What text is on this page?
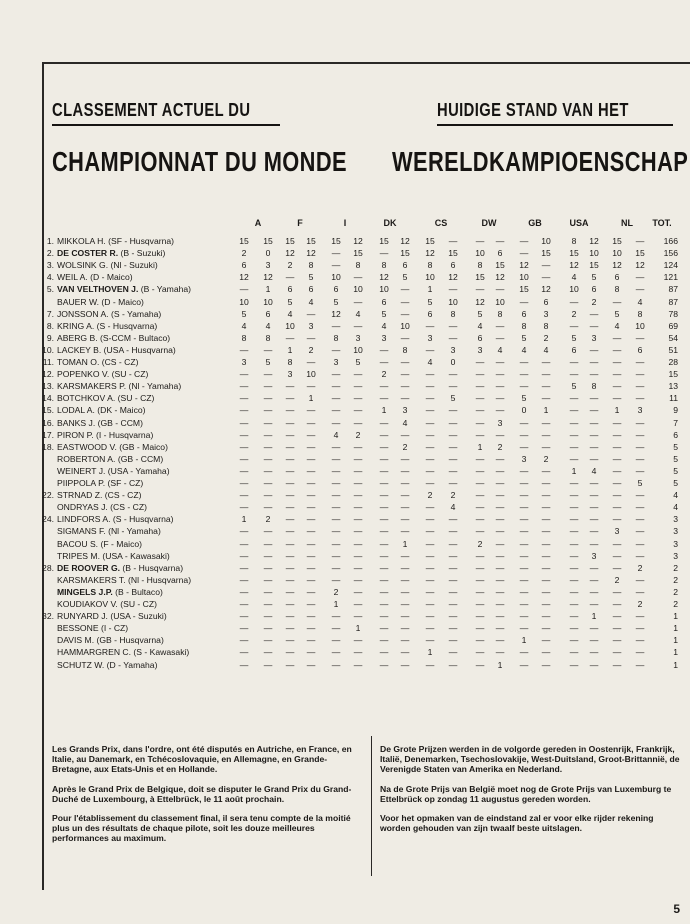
CLASSEMENT ACTUEL DU	HUIDIGE STAND VAN HET
CHAMPIONNAT DU MONDE WERELDKAMPIOENSCHAP
A	F	I	DK	CS	DW	GB	USA	NL	TOT.
1. MIKKOLA H. (SF - Husqvarna)	15	15	15	15	15	12	15	12	15	—	—	—	—	10	8	12	15	—	166
2. DE COSTER R. (B - Suzuki)	2	0	12	12	—	15	—	15	12	15	10	6	—	15	15	10	10	15	156
3. WOLSINK G. (Nl - Suzuki)	6	3	2	8	—	8	8	6	8	6	8	15	12	—	12	15	12	12	124
4. WEIL A. (D - Maico)	12	12	—	5	10	—	12	5	10	12	15	12	10	—	4	5	6	—	121
5. VAN VELTHOVEN J. (B - Yamaha)	—	1	6	6	6	10	10	—	1	—	—	—	15	12	10	6	8	—	87
BAUER W. (D - Maico)	10	10	5	4	5	—	6	—	5	10	12	10	—	6	—	2	—	4	87
7. JONSSON A. (S - Yamaha)	5	6	4	—	12	4	5	—	6	8	5	8	6	3	2	—	5	8	78
8. KRING A. (S - Husqvarna)	4	4	10	3	—	—	4	10	—	—	4	—	8	8	—	—	4	10	69
9. ABERG B. (S-CCM - Bultaco)	8	8	—	—	8	3	3	—	3	—	6	—	5	2	5	3	—	—	54
10. LACKEY B. (USA - Husqvarna)	—	—	1	2	—	10	—	8	—	3	3	4	4	4	6	—	—	6	51
11. TOMAN O. (CS - CZ)	3	5	8	—	3	5	—	—	4	0	—	—	—	—	—	—	—	—	28
12. POPENKO V. (SU - CZ)	—	—	3	10	—	—	2	—	—	—	—	—	—	—	—	—	—	—	15
13. KARSMAKERS P. (Nl - Yamaha)	—	—	—	—	—	—	—	—	—	—	—	—	—	—	5	8	—	—	13
14. BOTCHKOV A. (SU - CZ)	—	—	—	1	—	—	—	—	—	5	—	—	5	—	—	—	—	—	11
15. LODAL A. (DK - Maico)	—	—	—	—	—	—	1	3	—	—	—	—	0	1	—	—	1	3	9
16. BANKS J. (GB - CCM)	—	—	—	—	—	—	—	4	—	—	—	3	—	—	—	—	—	—	7
17. PIRON P. (I - Husqvarna)	—	—	—	—	4	2	—	—	—	—	—	—	—	—	—	—	—	—	6
18. EASTWOOD V. (GB - Maico)	—	—	—	—	—	—	—	2	—	—	1	2	—	—	—	—	—	—	5
ROBERTON A. (GB - CCM)	—	—	—	—	—	—	—	—	—	—	—	—	3	2	—	—	—	—	5
WEINERT J. (USA - Yamaha)	—	—	—	—	—	—	—	—	—	—	—	—	—	—	1	4	—	—	5
PIIPPOLA P. (SF - CZ)	—	—	—	—	—	—	—	—	—	—	—	—	—	—	—	—	—	5	5
22. STRNAD Z. (CS - CZ)	—	—	—	—	—	—	—	—	2	2	—	—	—	—	—	—	—	—	4
ONDRYAS J. (CS - CZ)	—	—	—	—	—	—	—	—	—	4	—	—	—	—	—	—	—	—	4
24. LINDFORS A. (S - Husqvarna)	1	2	—	—	—	—	—	—	—	—	—	—	—	—	—	—	—	—	3
SIGMANS F. (Nl - Yamaha)	—	—	—	—	—	—	—	—	—	—	—	—	—	—	—	—	3	—	3
BACOU S. (F - Maico)	—	—	—	—	—	—	—	1	—	—	2	—	—	—	—	—	—	—	3
TRIPES M. (USA - Kawasaki)	—	—	—	—	—	—	—	—	—	—	—	—	—	—	—	3	—	—	3
28. DE ROOVER G. (B - Husqvarna)	—	—	—	—	—	—	—	—	—	—	—	—	—	—	—	—	—	2	2
KARSMAKERS T. (Nl - Husqvarna)	—	—	—	—	—	—	—	—	—	—	—	—	—	—	—	—	2	—	2
MINGELS J.P. (B - Bultaco)	—	—	—	—	2	—	—	—	—	—	—	—	—	—	—	—	—	—	2
KOUDIAKOV V. (SU - CZ)	—	—	—	—	1	—	—	—	—	—	—	—	—	—	—	—	—	2	2
32. RUNYARD J. (USA - Suzuki)	—	—	—	—	—	—	—	—	—	—	—	—	—	—	—	1	—	—	1
BESSONE (I - CZ)	—	—	—	—	—	1	—	—	—	—	—	—	—	—	—	—	—	—	1
DAVIS M. (GB - Husqvarna)	—	—	—	—	—	—	—	—	—	—	—	—	1	—	—	—	—	—	1
HAMMARGREN C. (S - Kawasaki)	—	—	—	—	—	—	—	—	1	—	—	—	—	—	—	—	—	—	1
SCHUTZ W. (D - Yamaha)	—	—	—	—	—	—	—	—	—	—	—	1	—	—	—	—	—	—	1

Les Grands Prix, dans l'ordre, ont été disputés en Autriche, en France, en Italie, au Danemark, en Tchécoslovaquie, en Allemagne, en Grande-Bretagne, aux Etats-Unis et en Hollande.

Après le Grand Prix de Belgique, doit se disputer le Grand Prix du Grand-Duché de Luxembourg, à Ettelbrück, le 11 août prochain.

Pour l'établissement du classement final, il sera tenu compte de la moitié plus un des résultats de chaque pilote, soit les douze meilleures performances au maximum.

De Grote Prijzen werden in de volgorde gereden in Oostenrijk, Frankrijk, Italië, Denemarken, Tsechoslovakije, West-Duitsland, Groot-Brittannië, de Verenigde Staten van Amerika en Nederland.

Na de Grote Prijs van België moet nog de Grote Prijs van Luxemburg te Ettelbrück op zondag 11 augustus gereden worden.

Voor het opmaken van de eindstand zal er voor elke rijder rekening worden gehouden van zijn twaalf beste uitslagen.

5
